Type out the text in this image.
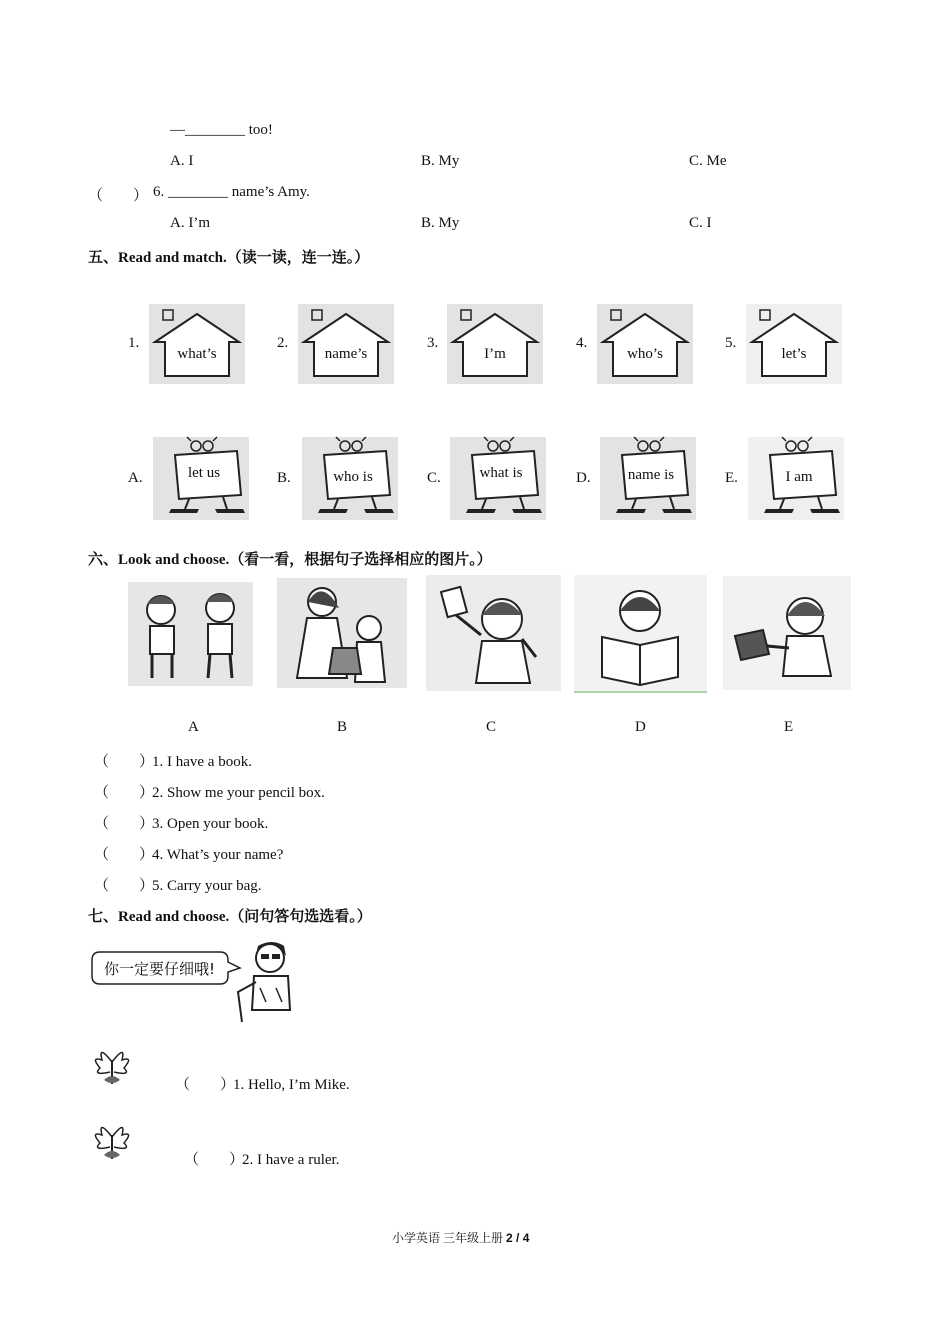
—________ too!
A. I	B. My	C. Me
（　　） 6. ________ name’s Amy.
A. I’m	B. My	C. I
五、Read and match.（读一读，连一连。）
1.
what’s
2.
name’s
3.
I’m
4.
who’s
5.
let’s
A.	let us	B.	who is	C.	what is	D.	name is	E.	I am
六、Look and choose.（看一看，根据句子选择相应的图片。）
A	B	C	D	E
（　　）1. I have a book.
（　　）2. Show me your pencil box.
（　　）3. Open your book.
（　　）4. What’s your name?
（　　）5. Carry your bag.
七、Read and choose.（问句答句选选看。）
你一定要仔细哦!
（　　）1. Hello, I’m Mike.
（　　）2. I have a ruler.
小学英语 三年级上册 2 / 4
